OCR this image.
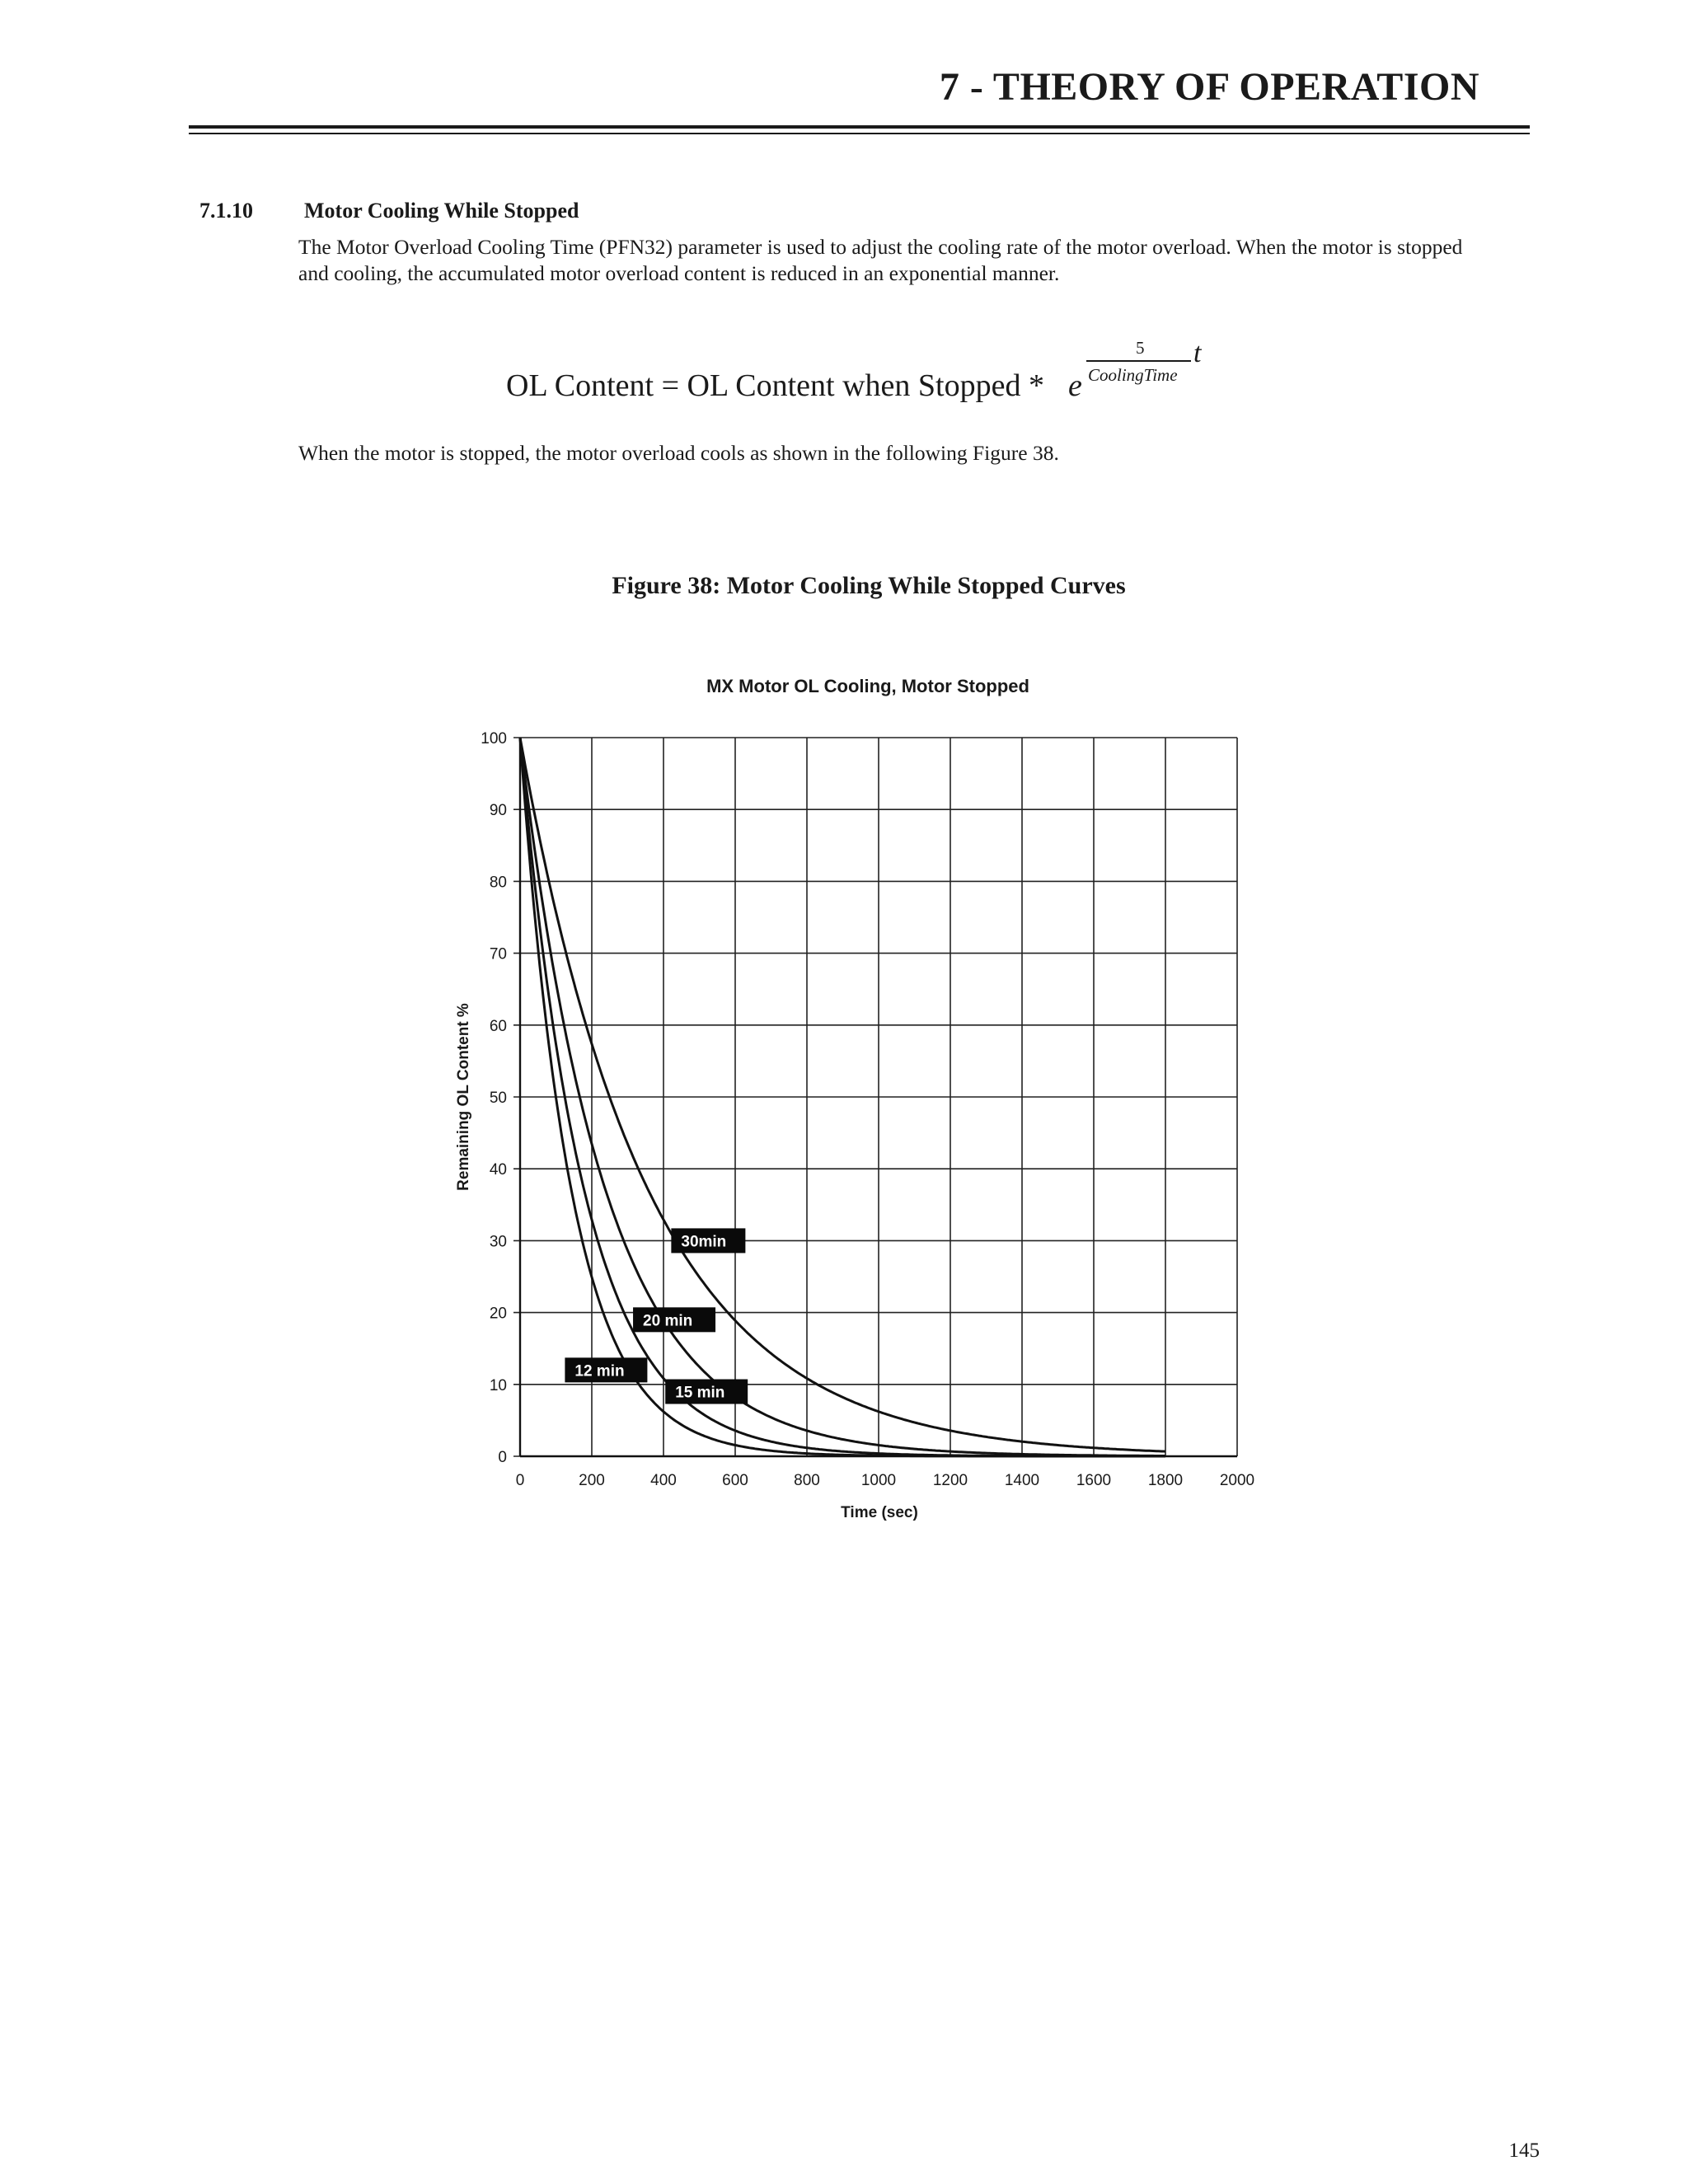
7 - THEORY OF OPERATION
7.1.10 Motor Cooling While Stopped

The Motor Overload Cooling Time (PFN32) parameter is used to adjust the cooling rate of the motor overload. When the motor is stopped and cooling, the accumulated motor overload content is reduced in an exponential manner.

OL Content = OL Content when Stopped * e
5
CoolingTime
t

When the motor is stopped, the motor overload cools as shown in the following Figure 38.

Figure 38: Motor Cooling While Stopped Curves
MX Motor OL Cooling, Motor Stopped
Time (sec)
Remaining OL Content %
0	200	400	600	800	1000 1200 1400 1600 1800 2000
0
10
20
30
40
50
60
70
80
90
100
12 min
15 min
20 min
30min
145
